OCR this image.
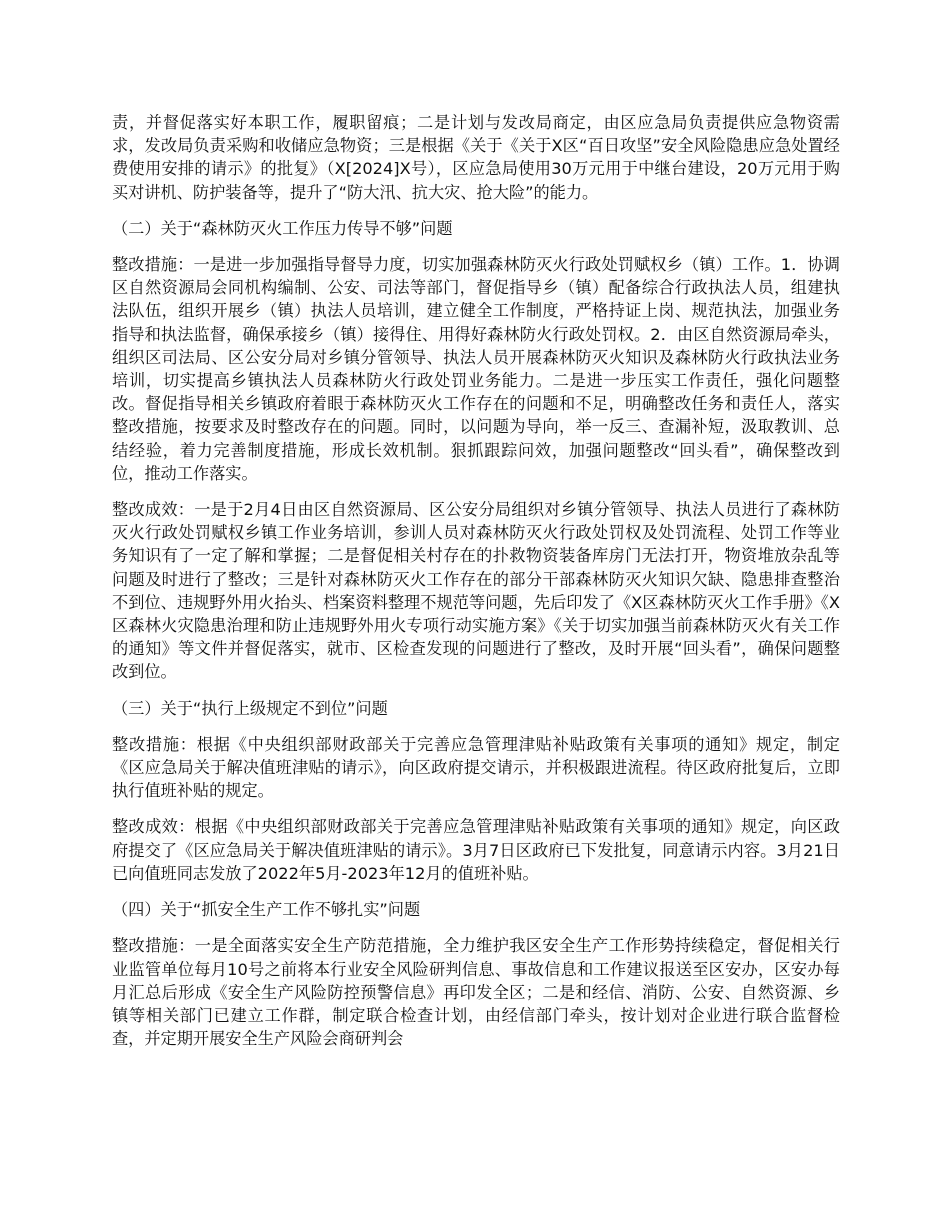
责，并督促落实好本职工作，履职留痕；二是计划与发改局商定，由区应急局负责提供应急物资需求，发改局负责采购和收储应急物资；三是根据《关于《关于X区“百日攻坚”安全风险隐患应急处置经费使用安排的请示》的批复》（X[2024]X号），区应急局使用30万元用于中继台建设，20万元用于购买对讲机、防护装备等，提升了“防大汛、抗大灾、抢大险”的能力。

（二）关于“森林防灭火工作压力传导不够”问题

整改措施：一是进一步加强指导督导力度，切实加强森林防灭火行政处罚赋权乡（镇）工作。1．协调区自然资源局会同机构编制、公安、司法等部门，督促指导乡（镇）配备综合行政执法人员，组建执法队伍，组织开展乡（镇）执法人员培训，建立健全工作制度，严格持证上岗、规范执法，加强业务指导和执法监督，确保承接乡（镇）接得住、用得好森林防火行政处罚权。2．由区自然资源局牵头，组织区司法局、区公安分局对乡镇分管领导、执法人员开展森林防灭火知识及森林防火行政执法业务培训，切实提高乡镇执法人员森林防火行政处罚业务能力。二是进一步压实工作责任，强化问题整改。督促指导相关乡镇政府着眼于森林防灭火工作存在的问题和不足，明确整改任务和责任人，落实整改措施，按要求及时整改存在的问题。同时，以问题为导向，举一反三、查漏补短，汲取教训、总结经验，着力完善制度措施，形成长效机制。狠抓跟踪问效，加强问题整改“回头看”，确保整改到位，推动工作落实。

整改成效：一是于2月4日由区自然资源局、区公安分局组织对乡镇分管领导、执法人员进行了森林防灭火行政处罚赋权乡镇工作业务培训，参训人员对森林防灭火行政处罚权及处罚流程、处罚工作等业务知识有了一定了解和掌握；二是督促相关村存在的扑救物资装备库房门无法打开，物资堆放杂乱等问题及时进行了整改；三是针对森林防灭火工作存在的部分干部森林防灭火知识欠缺、隐患排查整治不到位、违规野外用火抬头、档案资料整理不规范等问题，先后印发了《X区森林防灭火工作手册》《X区森林火灾隐患治理和防止违规野外用火专项行动实施方案》《关于切实加强当前森林防灭火有关工作的通知》等文件并督促落实，就市、区检查发现的问题进行了整改，及时开展“回头看”，确保问题整改到位。

（三）关于“执行上级规定不到位”问题

整改措施：根据《中央组织部财政部关于完善应急管理津贴补贴政策有关事项的通知》规定，制定《区应急局关于解决值班津贴的请示》，向区政府提交请示，并积极跟进流程。待区政府批复后，立即执行值班补贴的规定。

整改成效：根据《中央组织部财政部关于完善应急管理津贴补贴政策有关事项的通知》规定，向区政府提交了《区应急局关于解决值班津贴的请示》。3月7日区政府已下发批复，同意请示内容。3月21日已向值班同志发放了2022年5月-2023年12月的值班补贴。

（四）关于“抓安全生产工作不够扎实”问题

整改措施：一是全面落实安全生产防范措施，全力维护我区安全生产工作形势持续稳定，督促相关行业监管单位每月10号之前将本行业安全风险研判信息、事故信息和工作建议报送至区安办，区安办每月汇总后形成《安全生产风险防控预警信息》再印发全区；二是和经信、消防、公安、自然资源、乡镇等相关部门已建立工作群，制定联合检查计划，由经信部门牵头，按计划对企业进行联合监督检查，并定期开展安全生产风险会商研判会
